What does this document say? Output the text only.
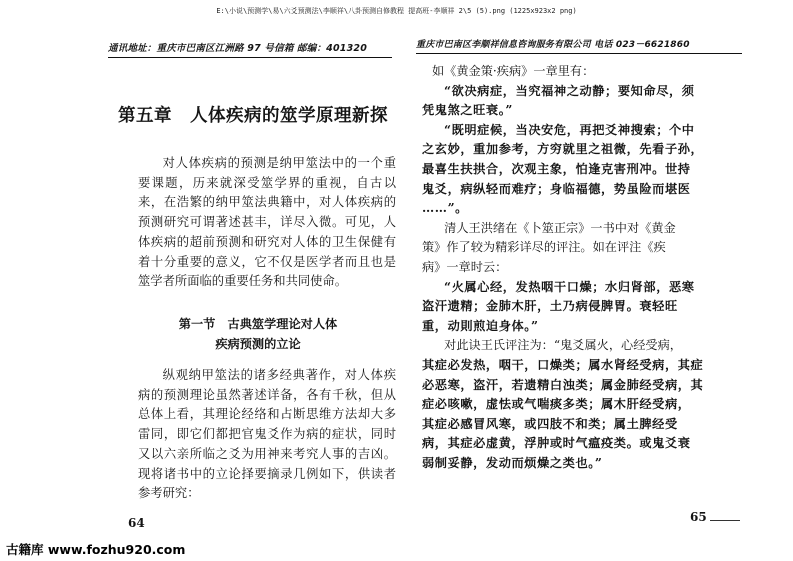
E:\小说\预测学\易\六爻预测法\李顺祥\八卦预测自修教程 提高班-李顺祥 2\5 (5).png (1225x923x2 png)
通讯地址：重庆市巴南区江洲路 97 号信箱 邮编：401320
第五章　人体疾病的筮学原理新探

对人体疾病的预测是纳甲筮法中的一个重要课题，历来就深受筮学界的重视，自古以来，在浩繁的纳甲筮法典籍中，对人体疾病的预测研究可谓著述甚丰，详尽入微。可见，人体疾病的超前预测和研究对人体的卫生保健有着十分重要的意义，它不仅是医学者而且也是筮学者所面临的重要任务和共同使命。

第一节　古典筮学理论对人体
疾病预测的立论

纵观纳甲筮法的诸多经典著作，对人体疾病的预测理论虽然著述详备，各有千秋，但从总体上看，其理论经络和占断思维方法却大多雷同，即它们都把官鬼爻作为病的症状，同时又以六亲所临之爻为用神来考究人事的吉凶。现将诸书中的立论择要摘录几例如下，供读者参考研究：

64
重庆市巴南区李顺祥信息咨询服务有限公司 电话 023－6621860
如《黄金策·疾病》一章里有：
“欲决病症，当究福神之动静；要知命尽，须
凭鬼煞之旺衰。”
“既明症候，当决安危，再把爻神搜索；个中
之玄妙，重加参考，方穷就里之祖微，先看子孙，
最喜生扶拱合，次观主象，怕逢克害刑冲。世持
鬼爻，病纵轻而难疗；身临福德，势虽险而堪医
……”。
　清人王洪绪在《卜筮正宗》一书中对《黄金
策》作了较为精彩详尽的评注。如在评注《疾
病》一章时云：
“火属心经，发热咽干口燥；水归肾部，恶寒
盗汗遗精；金肺木肝，土乃病侵脾胃。衰轻旺
重，动則煎迫身体。”
　对此诀王氏评注为：“鬼爻属火，心经受病，
其症必发热，咽干，口燥类；属水肾经受病，其症
必恶寒，盗汗，若遗精白浊类；属金肺经受病，其
症必咳嗽，虚怯或气喘痰多类；属木肝经受病，
其症必感冒风寒，或四肢不和类；属土脾经受
病，其症必虚黄，浮肿或时气瘟疫类。或鬼爻衰
弱制妥静，发动而烦燥之类也。”
65
古籍库 www.fozhu920.com
